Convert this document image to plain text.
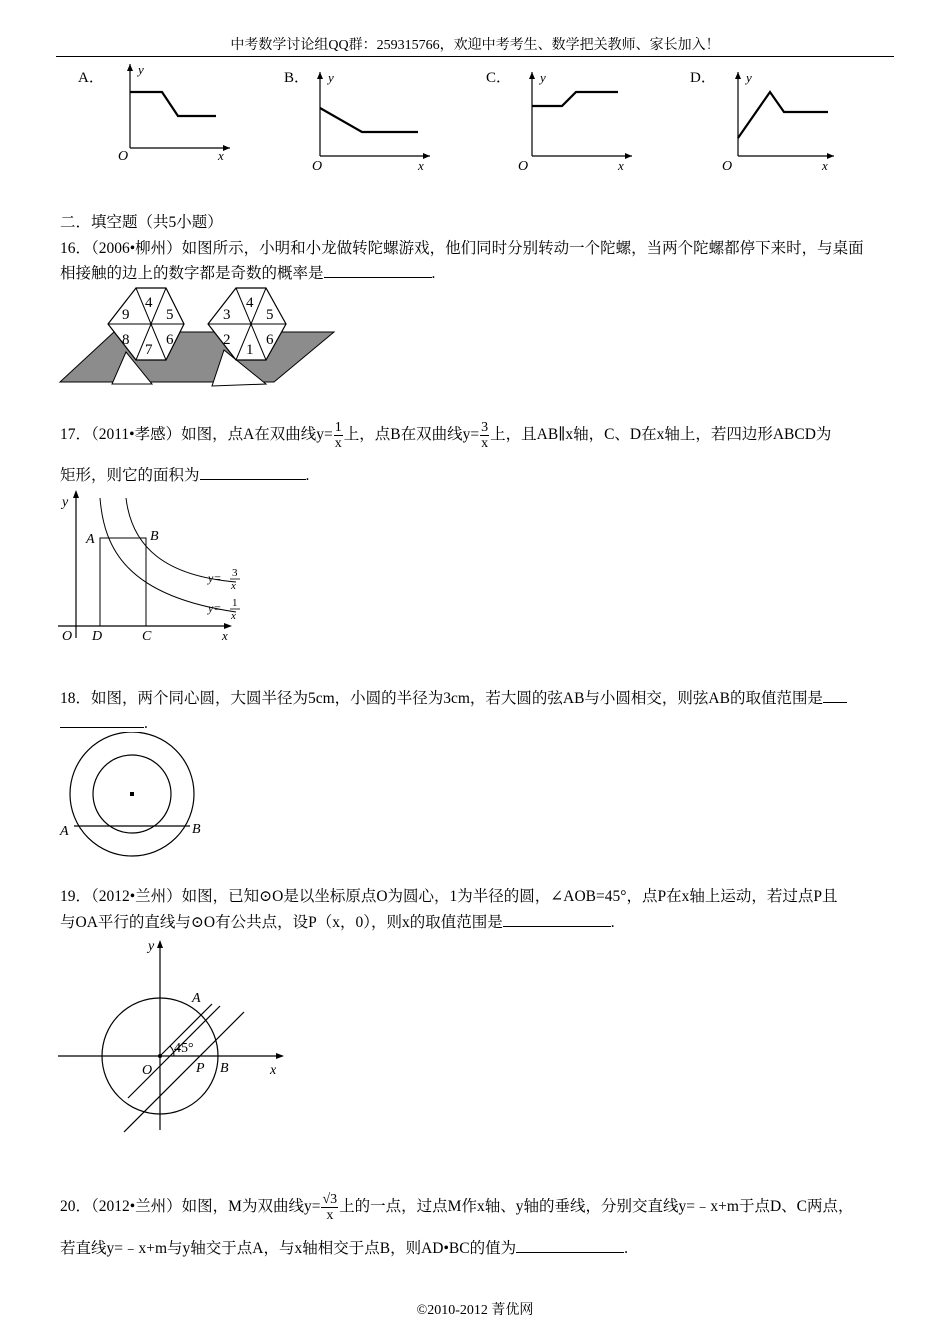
中考数学讨论组QQ群：259315766，欢迎中考考生、数学把关教师、家长加入！
A．
y
O	x
B． y
O	x
C． y
O	x
D． y
O	x
二．填空题（共5小题）
16．（2006•柳州）如图所示，小明和小龙做转陀螺游戏，他们同时分别转动一个陀螺，当两个陀螺都停下来时，与桌面
相接触的边上的数字都是奇数的概率是	.
4
5
6
7
8
9
4
5
6
1
2
3
17．（2011•孝感）如图，点A在双曲线$y= \frac{1}{x}$ 上，点B在双曲线$y= \frac{3}{x}$ 上，且AB∥x轴，C、D在x轴上，若四边形ABCD为
矩形，则它的面积为	.
y
A	B
O D	C	x
y= 3
x
y= 1
x
18．如图，两个同心圆，大圆半径为5cm，小圆的半径为3cm，若大圆的弦AB与小圆相交，则弦AB的取值范围是
.
A	B
19．（2012•兰州）如图，已知⊙O是以坐标原点O为圆心，1为半径的圆，∠AOB=45°，点P在x轴上运动，若过点P且
与OA平行的直线与⊙O有公共点，设P（x，0），则x的取值范围是	.
y
A
45°
O	P B	x
20．（2012•兰州）如图，M为双曲线$y= \frac{√3}{x}$ 上的一点，过点M作x轴、y轴的垂线，分别交直线y=﹣x+m于点D、C两点，
若直线y=﹣x+m与y轴交于点A，与x轴相交于点B，则AD•BC的值为	.
©2010-2012 菁优网
